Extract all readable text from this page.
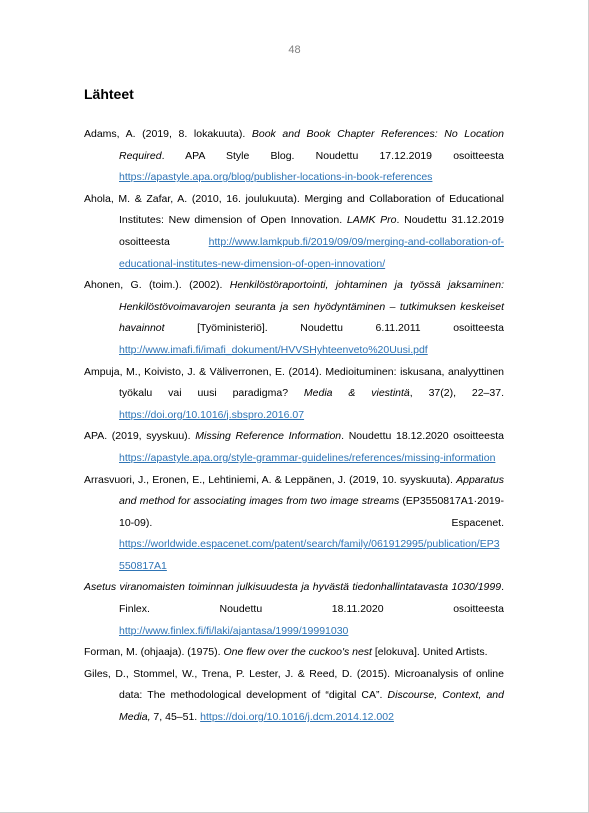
48
Lähteet

Adams, A. (2019, 8. lokakuuta). Book and Book Chapter References: No Location Required. APA Style Blog. Noudettu 17.12.2019 osoitteesta https://apastyle.apa.org/blog/publisher-locations-in-book-references

Ahola, M. & Zafar, A. (2010, 16. joulukuuta). Merging and Collaboration of Educational Institutes: New dimension of Open Innovation. LAMK Pro. Noudettu 31.12.2019 osoitteesta http://www.lamkpub.fi/2019/09/09/merging-and-collaboration-of-educational-institutes-new-dimension-of-open-innovation/

Ahonen, G. (toim.). (2002). Henkilöstöraportointi, johtaminen ja työssä jaksaminen: Henkilöstövoimavarojen seuranta ja sen hyödyntäminen – tutkimuksen keskeiset havainnot [Työministeriö]. Noudettu 6.11.2011 osoitteesta http://www.imafi.fi/imafi_dokument/HVVSHyhteenveto%20Uusi.pdf

Ampuja, M., Koivisto, J. & Väliverronen, E. (2014). Medioituminen: iskusana, analyyttinen työkalu vai uusi paradigma? Media & viestintä, 37(2), 22–37. https://doi.org/10.1016/j.sbspro.2016.07

APA. (2019, syyskuu). Missing Reference Information. Noudettu 18.12.2020 osoitteesta https://apastyle.apa.org/style-grammar-guidelines/references/missing-information

Arrasvuori, J., Eronen, E., Lehtiniemi, A. & Leppänen, J. (2019, 10. syyskuuta). Apparatus and method for associating images from two image streams (EP3550817A1·2019-10-09). Espacenet. https://worldwide.espacenet.com/patent/search/family/061912995/publication/EP3550817A1

Asetus viranomaisten toiminnan julkisuudesta ja hyvästä tiedonhallintatavasta 1030/1999. Finlex. Noudettu 18.11.2020 osoitteesta http://www.finlex.fi/fi/laki/ajantasa/1999/19991030

Forman, M. (ohjaaja). (1975). One flew over the cuckoo's nest [elokuva]. United Artists.

Giles, D., Stommel, W., Trena, P. Lester, J. & Reed, D. (2015). Microanalysis of online data: The methodological development of “digital CA”. Discourse, Context, and Media, 7, 45–51. https://doi.org/10.1016/j.dcm.2014.12.002
